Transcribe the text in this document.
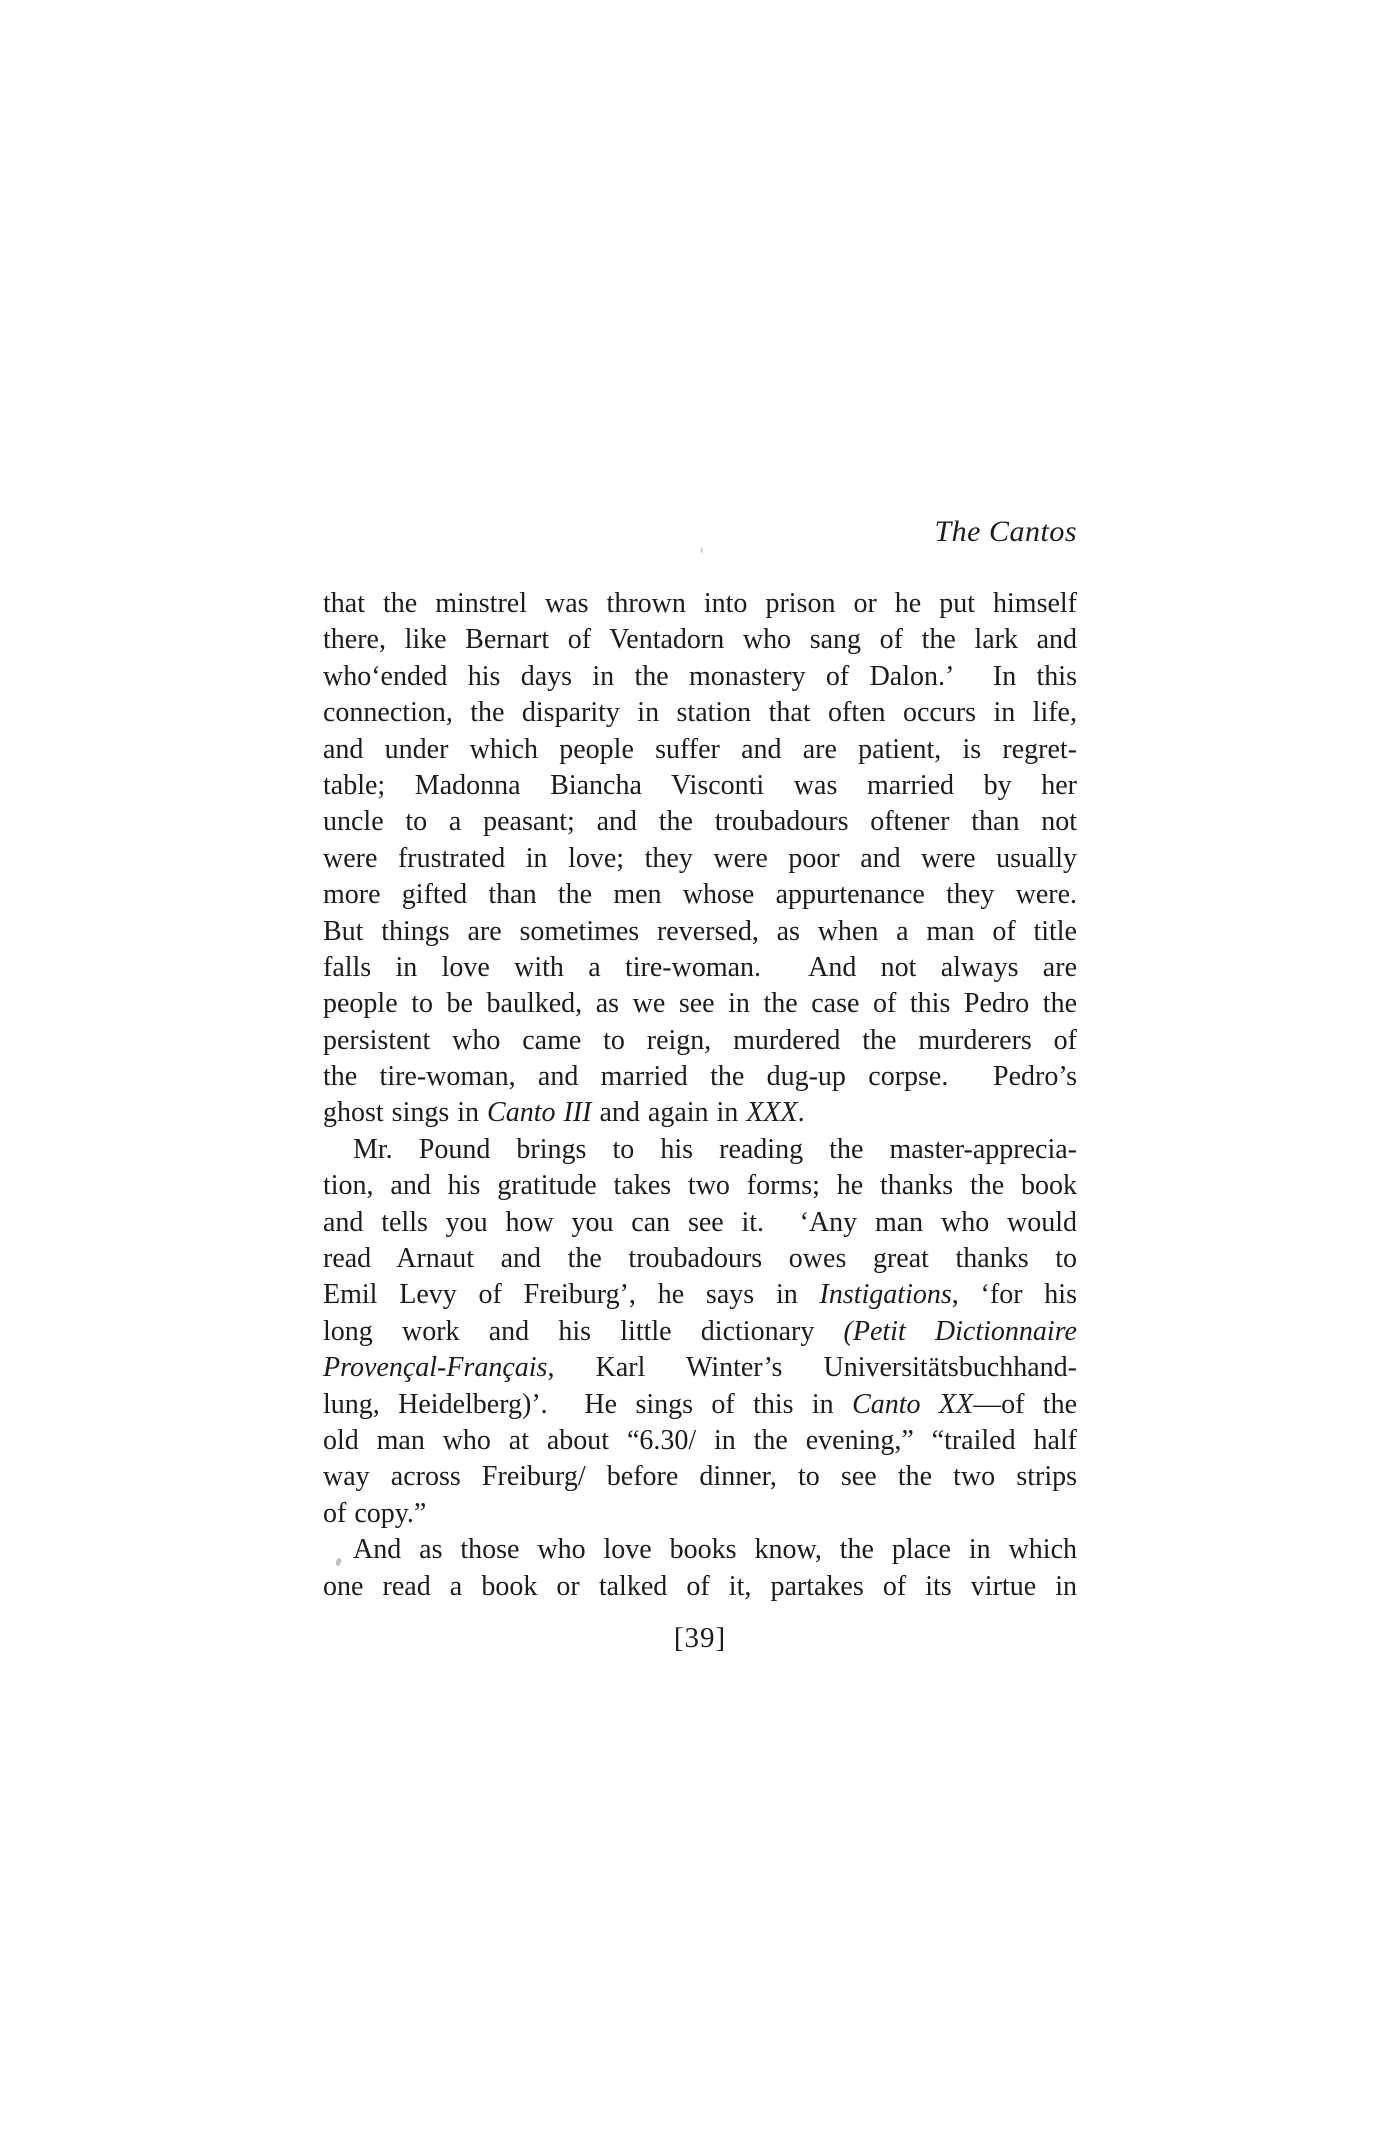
The Cantos
that the minstrel was thrown into prison or he put himself
there, like Bernart of Ventadorn who sang of the lark and
who‘ended his days in the monastery of Dalon.’  In this
connection, the disparity in station that often occurs in life,
and under which people suffer and are patient, is regret-
table; Madonna Biancha Visconti was married by her
uncle to a peasant; and the troubadours oftener than not
were frustrated in love; they were poor and were usually
more gifted than the men whose appurtenance they were.
But things are sometimes reversed, as when a man of title
falls in love with a tire-woman.  And not always are
people to be baulked, as we see in the case of this Pedro the
persistent who came to reign, murdered the murderers of
the tire-woman, and married the dug-up corpse.  Pedro’s
ghost sings in Canto III and again in XXX.
Mr. Pound brings to his reading the master-apprecia-
tion, and his gratitude takes two forms; he thanks the book
and tells you how you can see it.  ‘Any man who would
read Arnaut and the troubadours owes great thanks to
Emil Levy of Freiburg’, he says in Instigations, ‘for his
long work and his little dictionary (Petit Dictionnaire
Provençal-Français, Karl Winter’s Universitätsbuchhand-
lung, Heidelberg)’.  He sings of this in Canto XX—of the
old man who at about “6.30/ in the evening,” “trailed half
way across Freiburg/ before dinner, to see the two strips
of copy.”
And as those who love books know, the place in which
one read a book or talked of it, partakes of its virtue in
[39]
